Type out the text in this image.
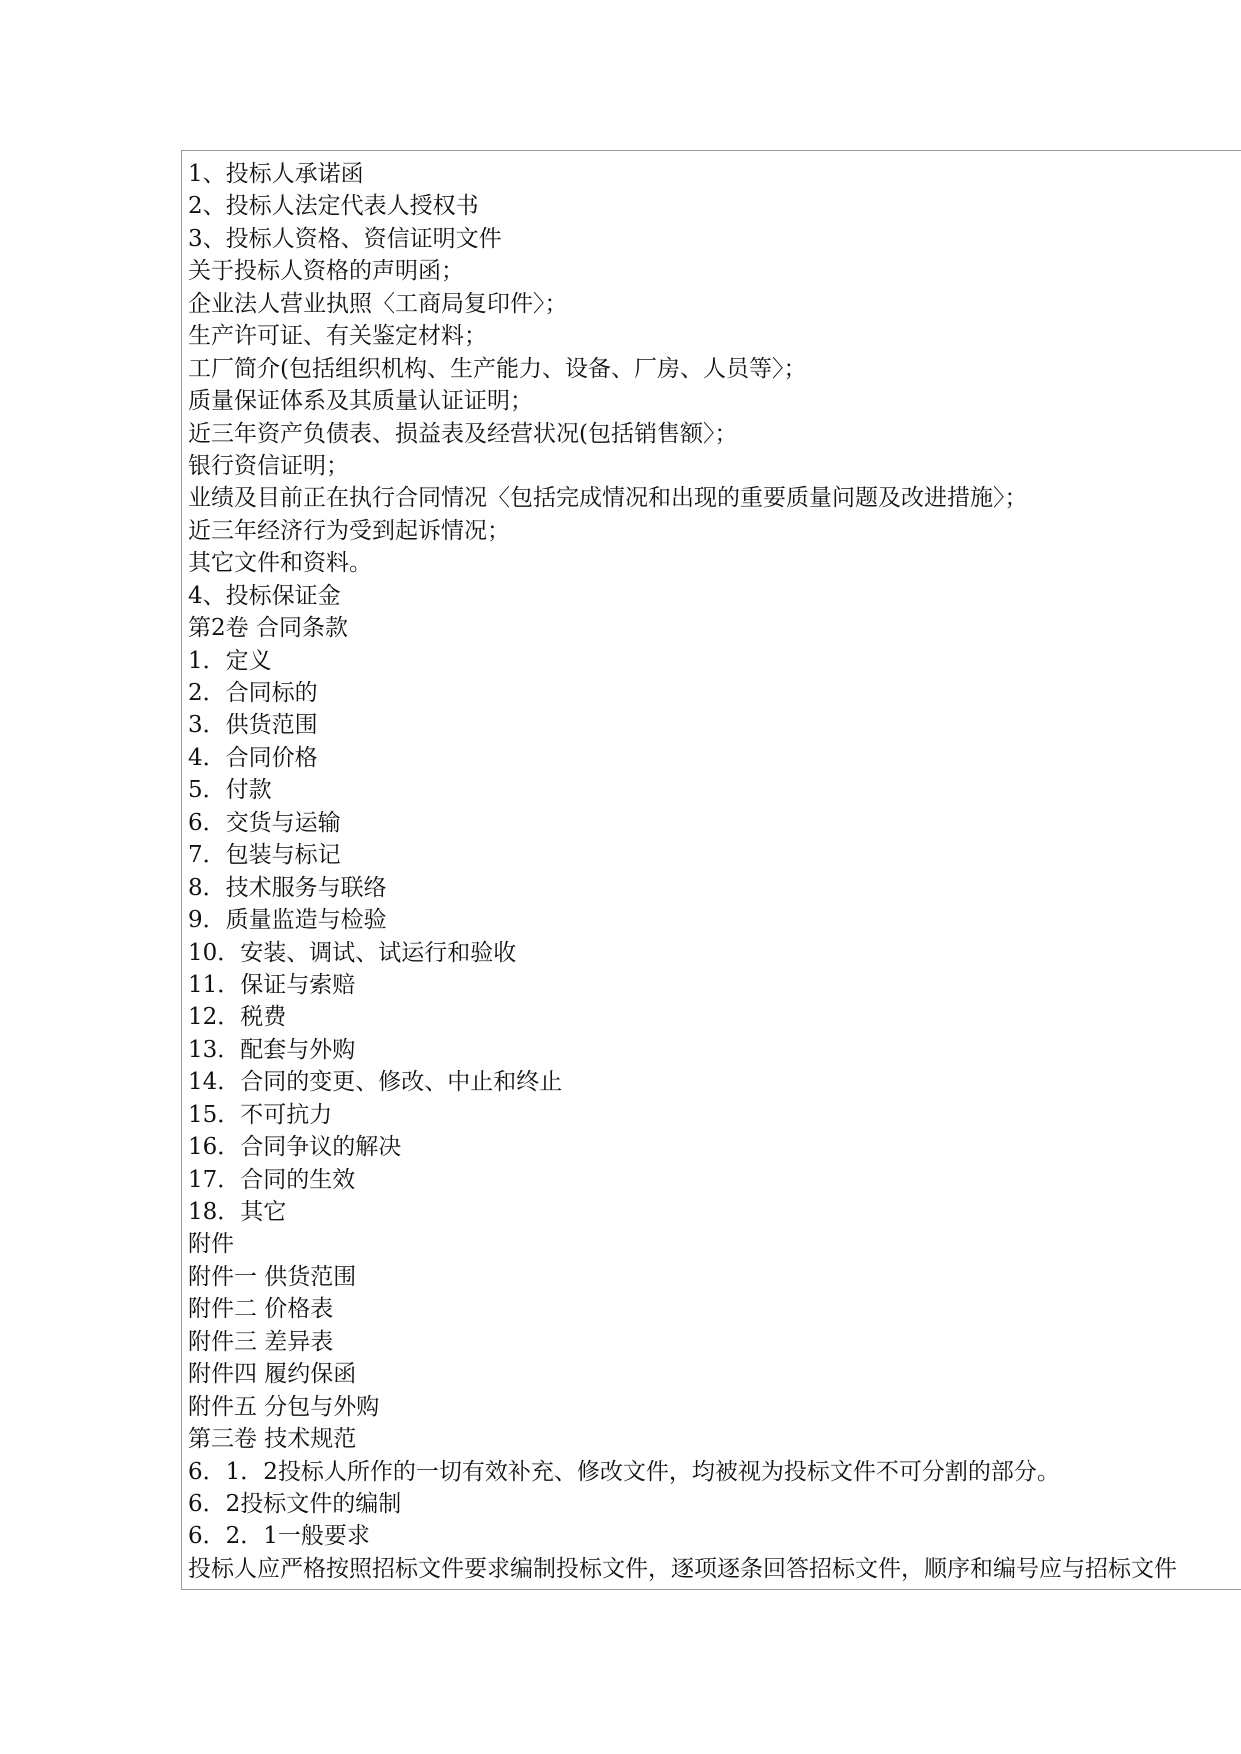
1、投标人承诺函
2、投标人法定代表人授权书
3、投标人资格、资信证明文件
关于投标人资格的声明函；
企业法人营业执照〈工商局复印件〉；
生产许可证、有关鉴定材料；
工厂简介(包括组织机构、生产能力、设备、厂房、人员等〉；
质量保证体系及其质量认证证明；
近三年资产负债表、损益表及经营状况(包括销售额〉；
银行资信证明；
业绩及目前正在执行合同情况〈包括完成情况和出现的重要质量问题及改进措施〉；
近三年经济行为受到起诉情况；
其它文件和资料。
4、投标保证金
第2卷 合同条款
1．定义
2．合同标的
3．供货范围
4．合同价格
5．付款
6．交货与运输
7．包装与标记
8．技术服务与联络
9．质量监造与检验
10．安装、调试、试运行和验收
11．保证与索赔
12．税费
13．配套与外购
14．合同的变更、修改、中止和终止
15．不可抗力
16．合同争议的解决
17．合同的生效
18．其它
附件
附件一 供货范围
附件二 价格表
附件三 差异表
附件四 履约保函
附件五 分包与外购
第三卷 技术规范
6．1．2投标人所作的一切有效补充、修改文件，均被视为投标文件不可分割的部分。
6．2投标文件的编制
6．2．1一般要求
投标人应严格按照招标文件要求编制投标文件，逐项逐条回答招标文件，顺序和编号应与招标文件
